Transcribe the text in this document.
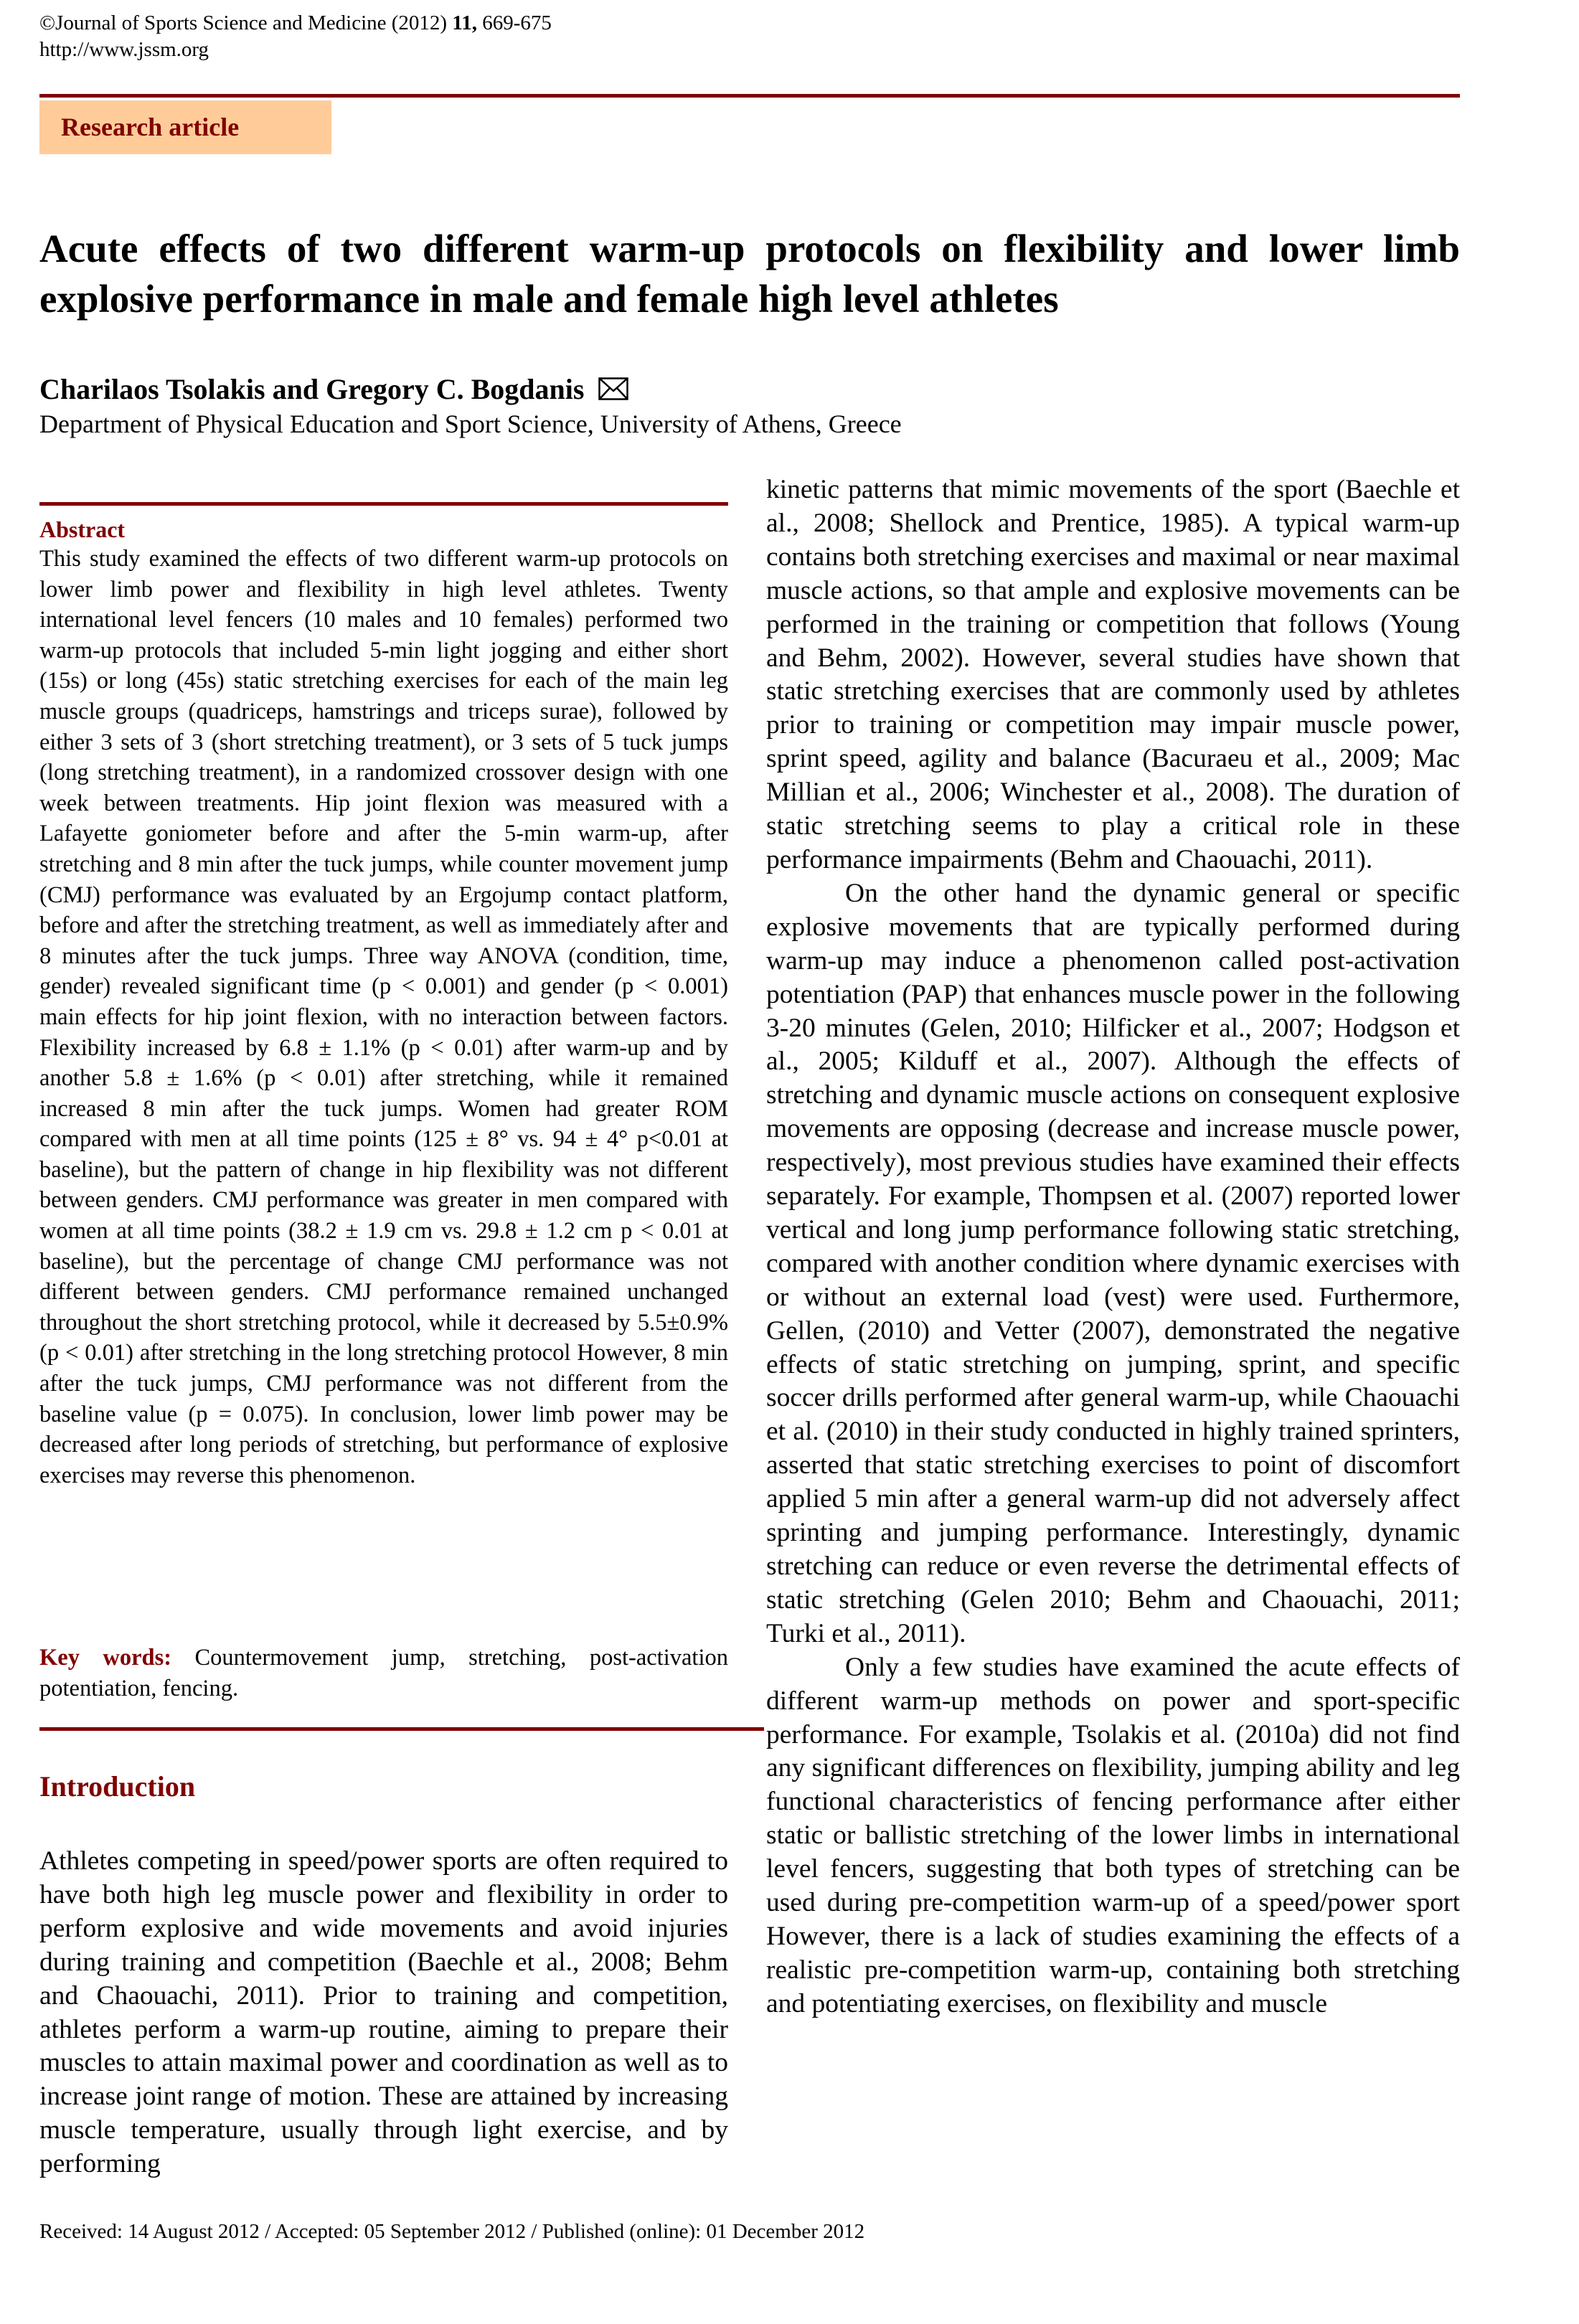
©Journal of Sports Science and Medicine (2012) 11, 669-675
http://www.jssm.org
Research article
Acute effects of two different warm-up protocols on flexibility and lower limb explosive performance in male and female high level athletes
Charilaos Tsolakis and Gregory C. Bogdanis
Department of Physical Education and Sport Science, University of Athens, Greece
Abstract
This study examined the effects of two different warm-up protocols on lower limb power and flexibility in high level athletes. Twenty international level fencers (10 males and 10 females) performed two warm-up protocols that included 5-min light jogging and either short (15s) or long (45s) static stretching exercises for each of the main leg muscle groups (quadriceps, hamstrings and triceps surae), followed by either 3 sets of 3 (short stretching treatment), or 3 sets of 5 tuck jumps (long stretching treatment), in a randomized crossover design with one week between treatments. Hip joint flexion was measured with a Lafayette goniometer before and after the 5-min warm-up, after stretching and 8 min after the tuck jumps, while counter movement jump (CMJ) performance was evaluated by an Ergojump contact platform, before and after the stretching treatment, as well as immediately after and 8 minutes after the tuck jumps. Three way ANOVA (condition, time, gender) revealed significant time (p < 0.001) and gender (p < 0.001) main effects for hip joint flexion, with no interaction between factors. Flexibility increased by 6.8 ± 1.1% (p < 0.01) after warm-up and by another 5.8 ± 1.6% (p < 0.01) after stretching, while it remained increased 8 min after the tuck jumps. Women had greater ROM compared with men at all time points (125 ± 8° vs. 94 ± 4° p<0.01 at baseline), but the pattern of change in hip flexibility was not different between genders. CMJ performance was greater in men compared with women at all time points (38.2 ± 1.9 cm vs. 29.8 ± 1.2 cm p < 0.01 at baseline), but the percentage of change CMJ performance was not different between genders. CMJ performance remained unchanged throughout the short stretching protocol, while it decreased by 5.5±0.9% (p < 0.01) after stretching in the long stretching protocol However, 8 min after the tuck jumps, CMJ performance was not different from the baseline value (p = 0.075). In conclusion, lower limb power may be decreased after long periods of stretching, but performance of explosive exercises may reverse this phenomenon.
Key words: Countermovement jump, stretching, post-activation potentiation, fencing.
Introduction
Athletes competing in speed/power sports are often required to have both high leg muscle power and flexibility in order to perform explosive and wide movements and avoid injuries during training and competition (Baechle et al., 2008; Behm and Chaouachi, 2011). Prior to training and competition, athletes perform a warm-up routine, aiming to prepare their muscles to attain maximal power and coordination as well as to increase joint range of motion. These are attained by increasing muscle temperature, usually through light exercise, and by performing

kinetic patterns that mimic movements of the sport (Baechle et al., 2008; Shellock and Prentice, 1985). A typical warm-up contains both stretching exercises and maximal or near maximal muscle actions, so that ample and explosive movements can be performed in the training or competition that follows (Young and Behm, 2002). However, several studies have shown that static stretching exercises that are commonly used by athletes prior to training or competition may impair muscle power, sprint speed, agility and balance (Bacuraeu et al., 2009; Mac Millian et al., 2006; Winchester et al., 2008). The duration of static stretching seems to play a critical role in these performance impairments (Behm and Chaouachi, 2011).

On the other hand the dynamic general or specific explosive movements that are typically performed during warm-up may induce a phenomenon called post-activation potentiation (PAP) that enhances muscle power in the following 3-20 minutes (Gelen, 2010; Hilficker et al., 2007; Hodgson et al., 2005; Kilduff et al., 2007). Although the effects of stretching and dynamic muscle actions on consequent explosive movements are opposing (decrease and increase muscle power, respectively), most previous studies have examined their effects separately. For example, Thompsen et al. (2007) reported lower vertical and long jump performance following static stretching, compared with another condition where dynamic exercises with or without an external load (vest) were used. Furthermore, Gellen, (2010) and Vetter (2007), demonstrated the negative effects of static stretching on jumping, sprint, and specific soccer drills performed after general warm-up, while Chaouachi et al. (2010) in their study conducted in highly trained sprinters, asserted that static stretching exercises to point of discomfort applied 5 min after a general warm-up did not adversely affect sprinting and jumping performance. Interestingly, dynamic stretching can reduce or even reverse the detrimental effects of static stretching (Gelen 2010; Behm and Chaouachi, 2011; Turki et al., 2011).

Only a few studies have examined the acute effects of different warm-up methods on power and sport-specific performance. For example, Tsolakis et al. (2010a) did not find any significant differences on flexibility, jumping ability and leg functional characteristics of fencing performance after either static or ballistic stretching of the lower limbs in international level fencers, suggesting that both types of stretching can be used during pre-competition warm-up of a speed/power sport However, there is a lack of studies examining the effects of a realistic pre-competition warm-up, containing both stretching and potentiating exercises, on flexibility and muscle

Received: 14 August 2012 / Accepted: 05 September 2012 / Published (online): 01 December 2012
